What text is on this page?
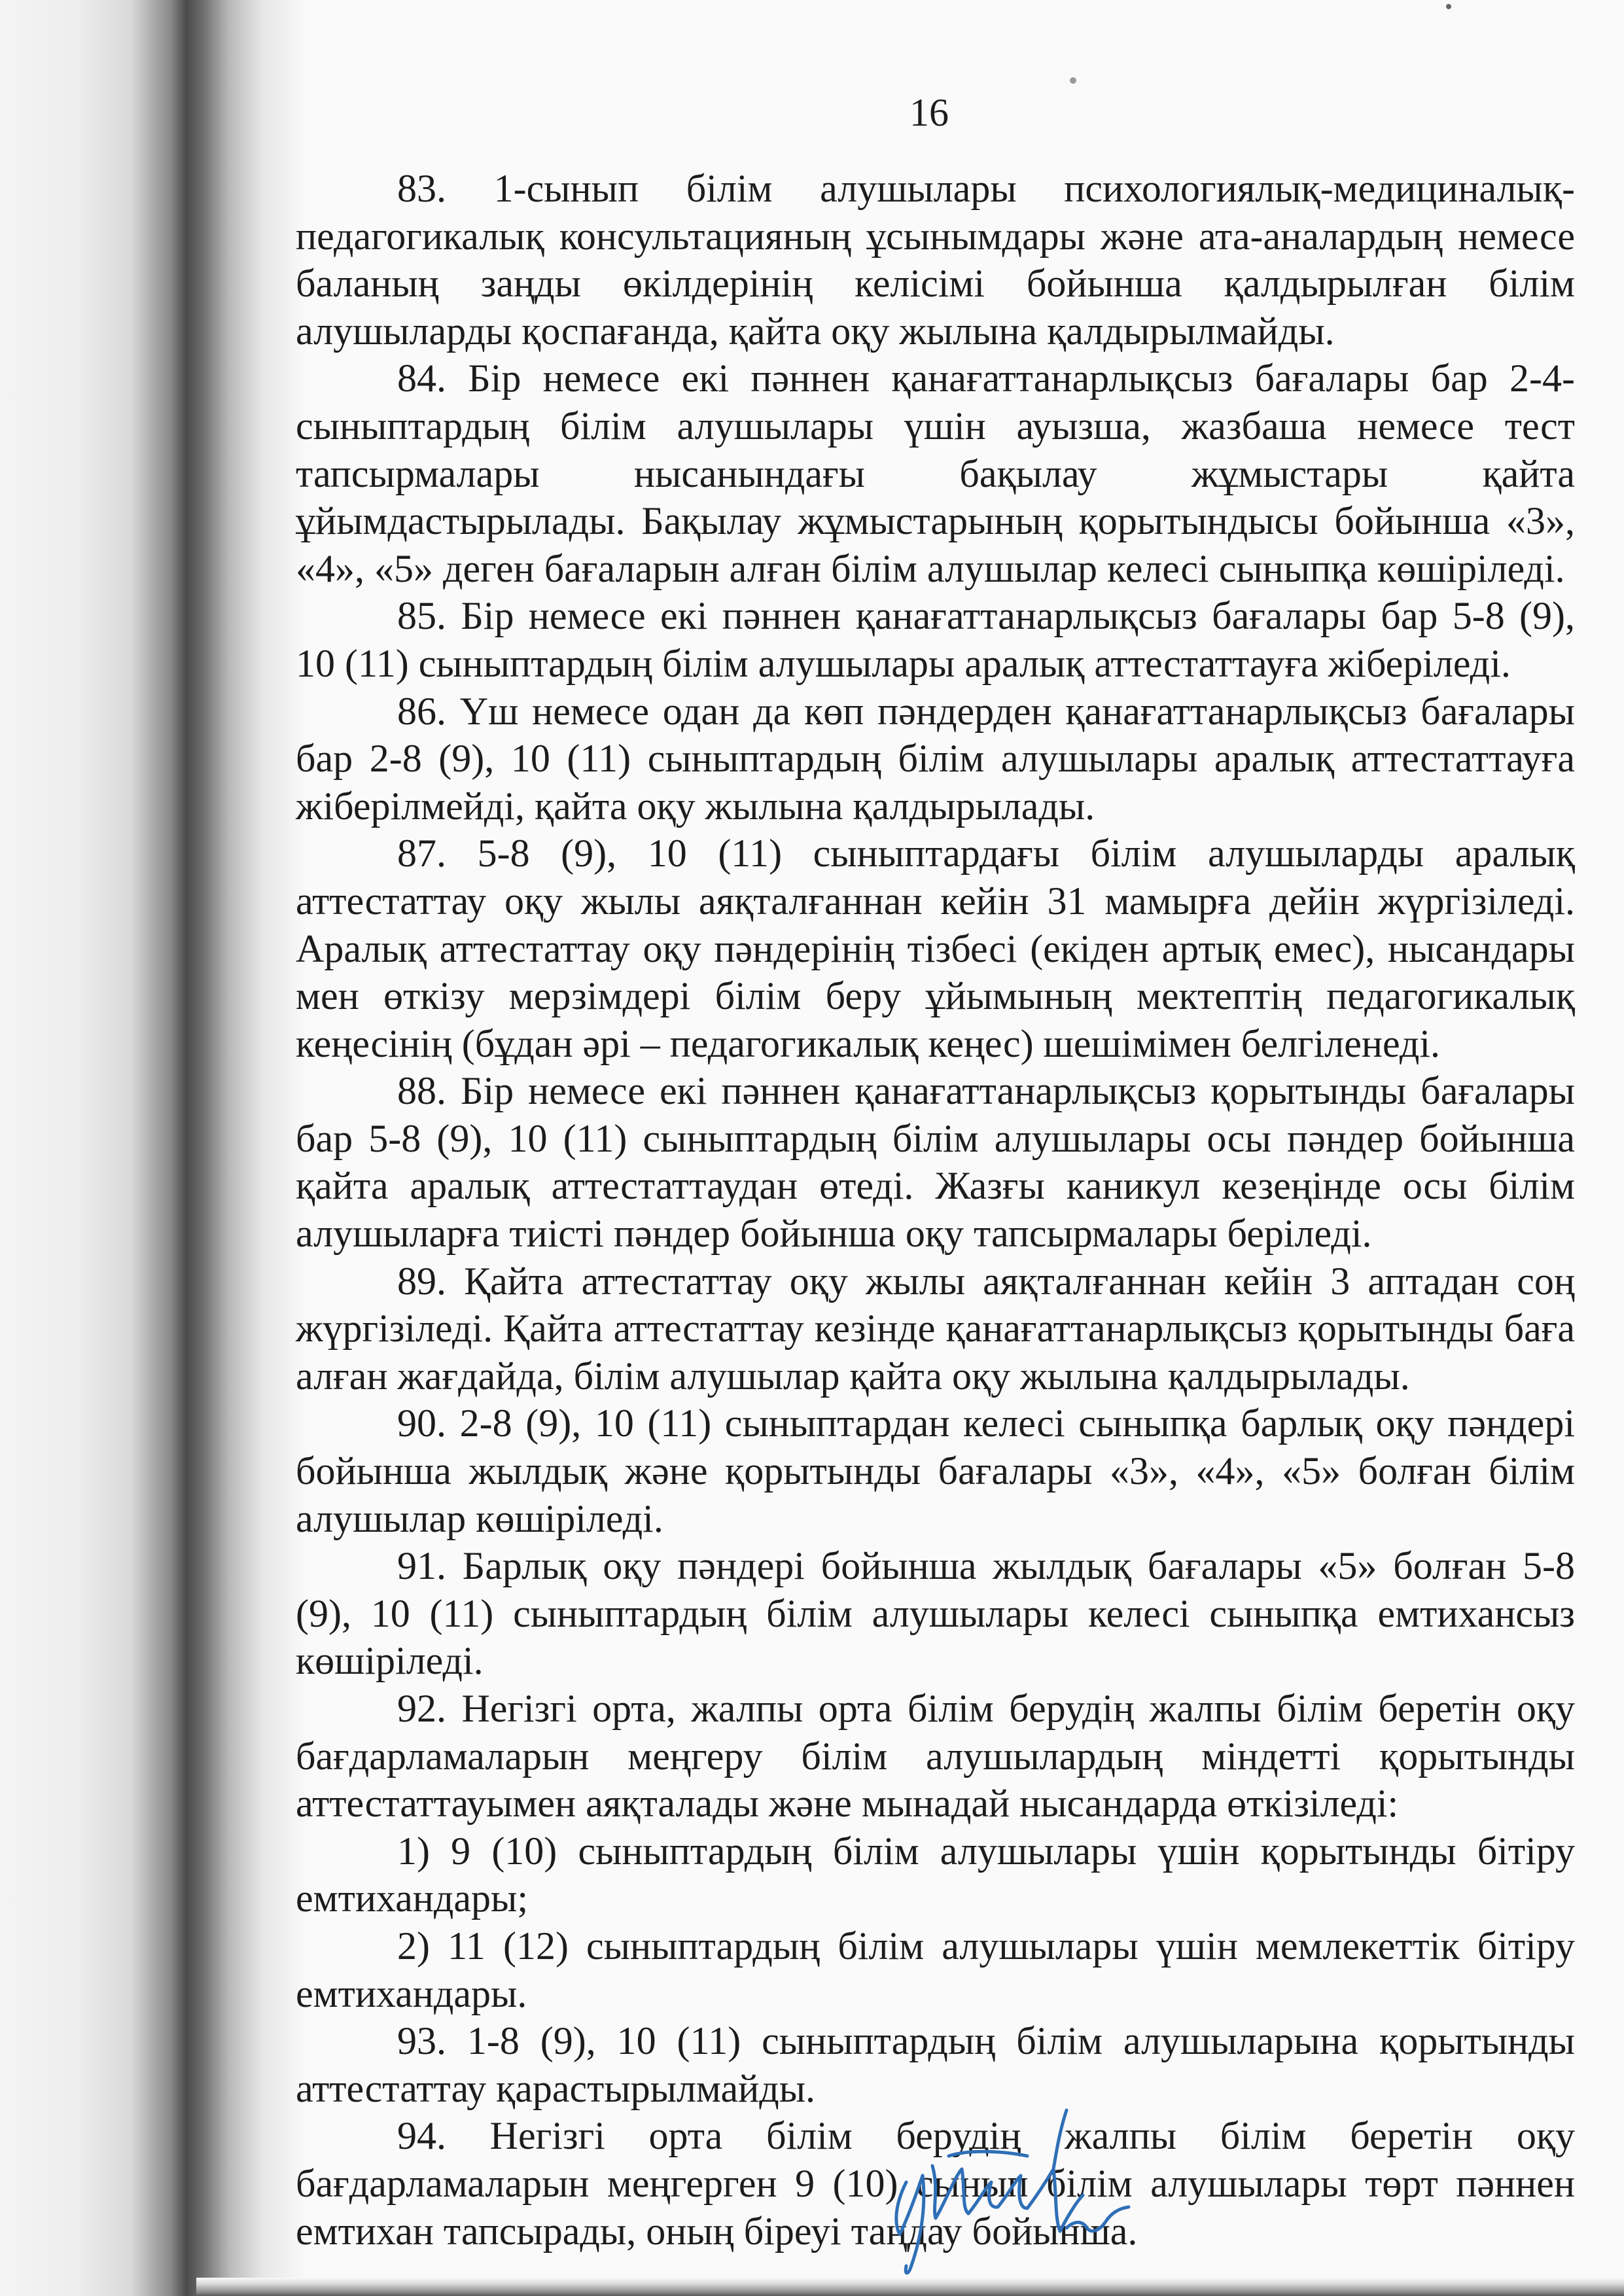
16

83. 1-сынып білім алушылары психологиялық-медициналық-педагогикалық консультацияның ұсынымдары және ата-аналардың немесе баланың заңды өкілдерінің келісімі бойынша қалдырылған білім алушыларды қоспағанда, қайта оқу жылына қалдырылмайды.

84. Бір немесе екі пәннен қанағаттанарлықсыз бағалары бар 2-4-сыныптардың білім алушылары үшін ауызша, жазбаша немесе тест тапсырмалары нысанындағы бақылау жұмыстары қайта ұйымдастырылады. Бақылау жұмыстарының қорытындысы бойынша «3», «4», «5» деген бағаларын алған білім алушылар келесі сыныпқа көшіріледі.

85. Бір немесе екі пәннен қанағаттанарлықсыз бағалары бар 5-8 (9), 10 (11) сыныптардың білім алушылары аралық аттестаттауға жіберіледі.

86. Үш немесе одан да көп пәндерден қанағаттанарлықсыз бағалары бар 2-8 (9), 10 (11) сыныптардың білім алушылары аралық аттестаттауға жіберілмейді, қайта оқу жылына қалдырылады.

87. 5-8 (9), 10 (11) сыныптардағы білім алушыларды аралық аттестаттау оқу жылы аяқталғаннан кейін 31 мамырға дейін жүргізіледі. Аралық аттестаттау оқу пәндерінің тізбесі (екіден артық емес), нысандары мен өткізу мерзімдері білім беру ұйымының мектептің педагогикалық кеңесінің (бұдан әрі – педагогикалық кеңес) шешімімен белгіленеді.

88. Бір немесе екі пәннен қанағаттанарлықсыз қорытынды бағалары бар 5-8 (9), 10 (11) сыныптардың білім алушылары осы пәндер бойынша қайта аралық аттестаттаудан өтеді. Жазғы каникул кезеңінде осы білім алушыларға тиісті пәндер бойынша оқу тапсырмалары беріледі.

89. Қайта аттестаттау оқу жылы аяқталғаннан кейін 3 аптадан соң жүргізіледі. Қайта аттестаттау кезінде қанағаттанарлықсыз қорытынды баға алған жағдайда, білім алушылар қайта оқу жылына қалдырылады.

90. 2-8 (9), 10 (11) сыныптардан келесі сыныпқа барлық оқу пәндері бойынша жылдық және қорытынды бағалары «3», «4», «5» болған білім алушылар көшіріледі.

91. Барлық оқу пәндері бойынша жылдық бағалары «5» болған 5-8 (9), 10 (11) сыныптардың білім алушылары келесі сыныпқа емтихансыз көшіріледі.

92. Негізгі орта, жалпы орта білім берудің жалпы білім беретін оқу бағдарламаларын меңгеру білім алушылардың міндетті қорытынды аттестаттауымен аяқталады және мынадай нысандарда өткізіледі:

1) 9 (10) сыныптардың білім алушылары үшін қорытынды бітіру емтихандары;

2) 11 (12) сыныптардың білім алушылары үшін мемлекеттік бітіру емтихандары.

93. 1-8 (9), 10 (11) сыныптардың білім алушыларына қорытынды аттестаттау қарастырылмайды.

94. Негізгі орта білім берудің жалпы білім беретін оқу бағдарламаларын меңгерген 9 (10) сынып білім алушылары төрт пәннен емтихан тапсырады, оның біреуі таңдау бойынша.
